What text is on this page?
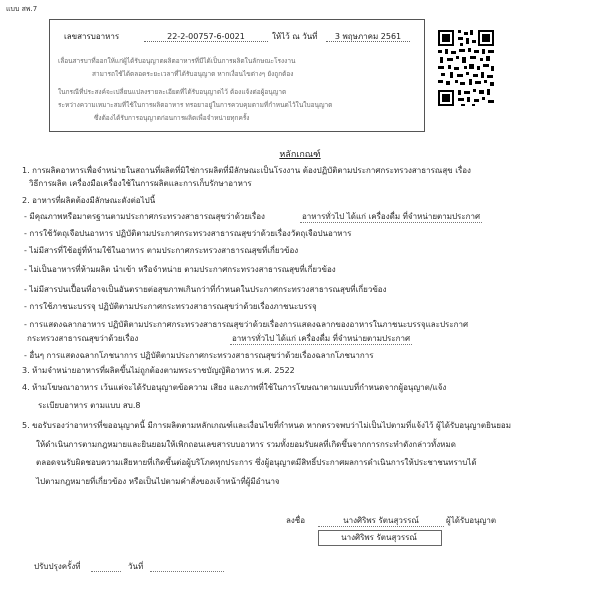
แบบ สพ.7
เลขสารบอาหาร	22-2-00757-6-0021	ให้ไว้ ณ วันที่	3 พฤษภาคม 2561
เลื่อนสารบาที่ออกให้แก่ผู้ได้รับอนุญาตผลิตอาหารที่มีได้เป็นการผลิตในลักษณะโรงงาน
สามารถใช้ได้ตลอดระยะเวลาที่ได้รับอนุญาต หากเงื่อนไขต่างๆ ยังถูกต้อง
ในกรณีที่ประสงค์จะเปลี่ยนแปลงรายละเอียดที่ได้รับอนุญาตไว้ ต้องแจ้งต่อผู้อนุญาต
ระหว่างความเหมาะสมที่ใช้ในการผลิตอาหาร ทรอยาอยู่ในการควบคุมตามที่กำหนดไว้ในใบอนุญาต
ซึ่งต้องได้รับการอนุญาตก่อนการผลิตเพื่อจำหน่ายทุกครั้ง
หลักเกณฑ์
1. การผลิตอาหารเพื่อจำหน่ายในสถานที่ผลิตที่มิใช่การผลิตที่มีลักษณะเป็นโรงงาน ต้องปฏิบัติตามประกาศกระทรวงสาธารณสุข เรื่อง
วิธีการผลิต เครื่องมือเครื่องใช้ในการผลิตและการเก็บรักษาอาหาร
2. อาหารที่ผลิตต้องมีลักษณะดังต่อไปนี้
- มีคุณภาพหรือมาตรฐานตามประกาศกระทรวงสาธารณสุขว่าด้วยเรื่อง	อาหารทั่วไป ได้แก่ เครื่องดื่ม ที่จำหน่ายตามประกาศ
- การใช้วัตถุเจือปนอาหาร ปฏิบัติตามประกาศกระทรวงสาธารณสุขว่าด้วยเรื่องวัตถุเจือปนอาหาร
- ไม่มีสารที่ใช้อยู่ที่ห้ามใช้ในอาหาร ตามประกาศกระทรวงสาธารณสุขที่เกี่ยวข้อง
- ไม่เป็นอาหารที่ห้ามผลิต นำเข้า หรือจำหน่าย ตามประกาศกระทรวงสาธารณสุขที่เกี่ยวข้อง
- ไม่มีสารปนเปื้อนที่อาจเป็นอันตรายต่อสุขภาพเกินกว่าที่กำหนดในประกาศกระทรวงสาธารณสุขที่เกี่ยวข้อง
- การใช้ภาชนะบรรจุ ปฏิบัติตามประกาศกระทรวงสาธารณสุขว่าด้วยเรื่องภาชนะบรรจุ
- การแสดงฉลากอาหาร ปฏิบัติตามประกาศกระทรวงสาธารณสุขว่าด้วยเรื่องการแสดงฉลากของอาหารในภาชนะบรรจุและประกาศ
กระทรวงสาธารณสุขว่าด้วยเรื่อง	อาหารทั่วไป ได้แก่ เครื่องดื่ม ที่จำหน่ายตามประกาศ
- อื่นๆ การแสดงฉลากโภชนาการ ปฏิบัติตามประกาศกระทรวงสาธารณสุขว่าด้วยเรื่องฉลากโภชนาการ
3. ห้ามจำหน่ายอาหารที่ผลิตขึ้นไม่ถูกต้องตามพระราชบัญญัติอาหาร พ.ศ. 2522
4. ห้ามโฆษณาอาหาร เว้นแต่จะได้รับอนุญาตข้อความ เสียง และภาพที่ใช้ในการโฆษณาตามแบบที่กำหนดจากผู้อนุญาต/แจ้ง
ระเบียบอาหาร ตามแบบ สบ.8
5. ขอรับรองว่าอาหารที่ขออนุญาตนี้ มีการผลิตตามหลักเกณฑ์และเงื่อนไขที่กำหนด หากตรวจพบว่าไม่เป็นไปตามที่แจ้งไว้ ผู้ได้รับอนุญาตยินยอม
ให้ดำเนินการตามกฎหมายและยินยอมให้เพิกถอนเลขสารบบอาหาร รวมทั้งยอมรับผลที่เกิดขึ้นจากการกระทำดังกล่าวทั้งหมด
ตลอดจนรับผิดชอบความเสียหายที่เกิดขึ้นต่อผู้บริโภคทุกประการ ซึ่งผู้อนุญาตมีสิทธิ์ประกาศผลการดำเนินการให้ประชาชนทราบได้
ไปตามกฎหมายที่เกี่ยวข้อง หรือเป็นไปตามคำสั่งของเจ้าหน้าที่ผู้มีอำนาจ
ลงชื่อ	นางศิริพร รัตนสุวรรณ์	ผู้ได้รับอนุญาต
นางศิริพร รัตนสุวรรณ์
ปรับปรุงครั้งที่	วันที่
